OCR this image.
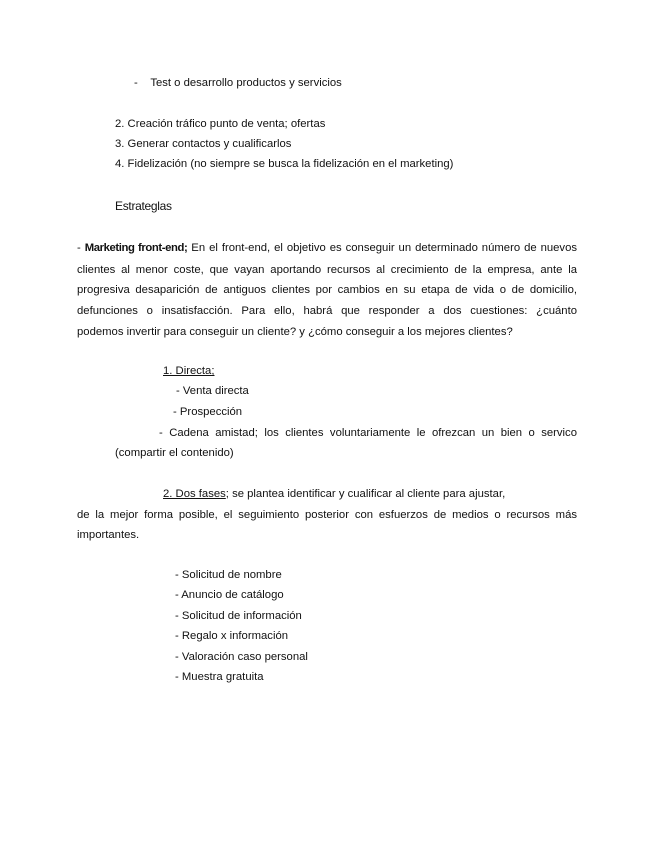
-    Test o desarrollo productos y servicios
2. Creación tráfico punto de venta; ofertas
3. Generar contactos y cualificarlos
4. Fidelización (no siempre se busca la fidelización en el marketing)
Estrateglas
- Marketing front-end; En el front-end, el objetivo es conseguir un determinado número de nuevos
clientes al menor coste, que vayan aportando recursos al crecimiento de la empresa, ante la
progresiva desaparición de antiguos clientes por cambios en su etapa de vida o de domicilio,
defunciones o insatisfacción. Para ello, habrá que responder a dos cuestiones: ¿cuánto
podemos invertir para conseguir un cliente? y ¿cómo conseguir a los mejores clientes?
1. Directa;
- Venta directa
- Prospección
- Cadena amistad; los clientes voluntariamente le ofrezcan un bien o servico
(compartir el contenido)
2. Dos fases; se plantea identificar y cualificar al cliente para ajustar,
de la mejor forma posible, el seguimiento posterior con esfuerzos de medios o recursos más
importantes.
- Solicitud de nombre
- Anuncio de catálogo
- Solicitud de información
- Regalo x información
- Valoración caso personal
- Muestra gratuita
